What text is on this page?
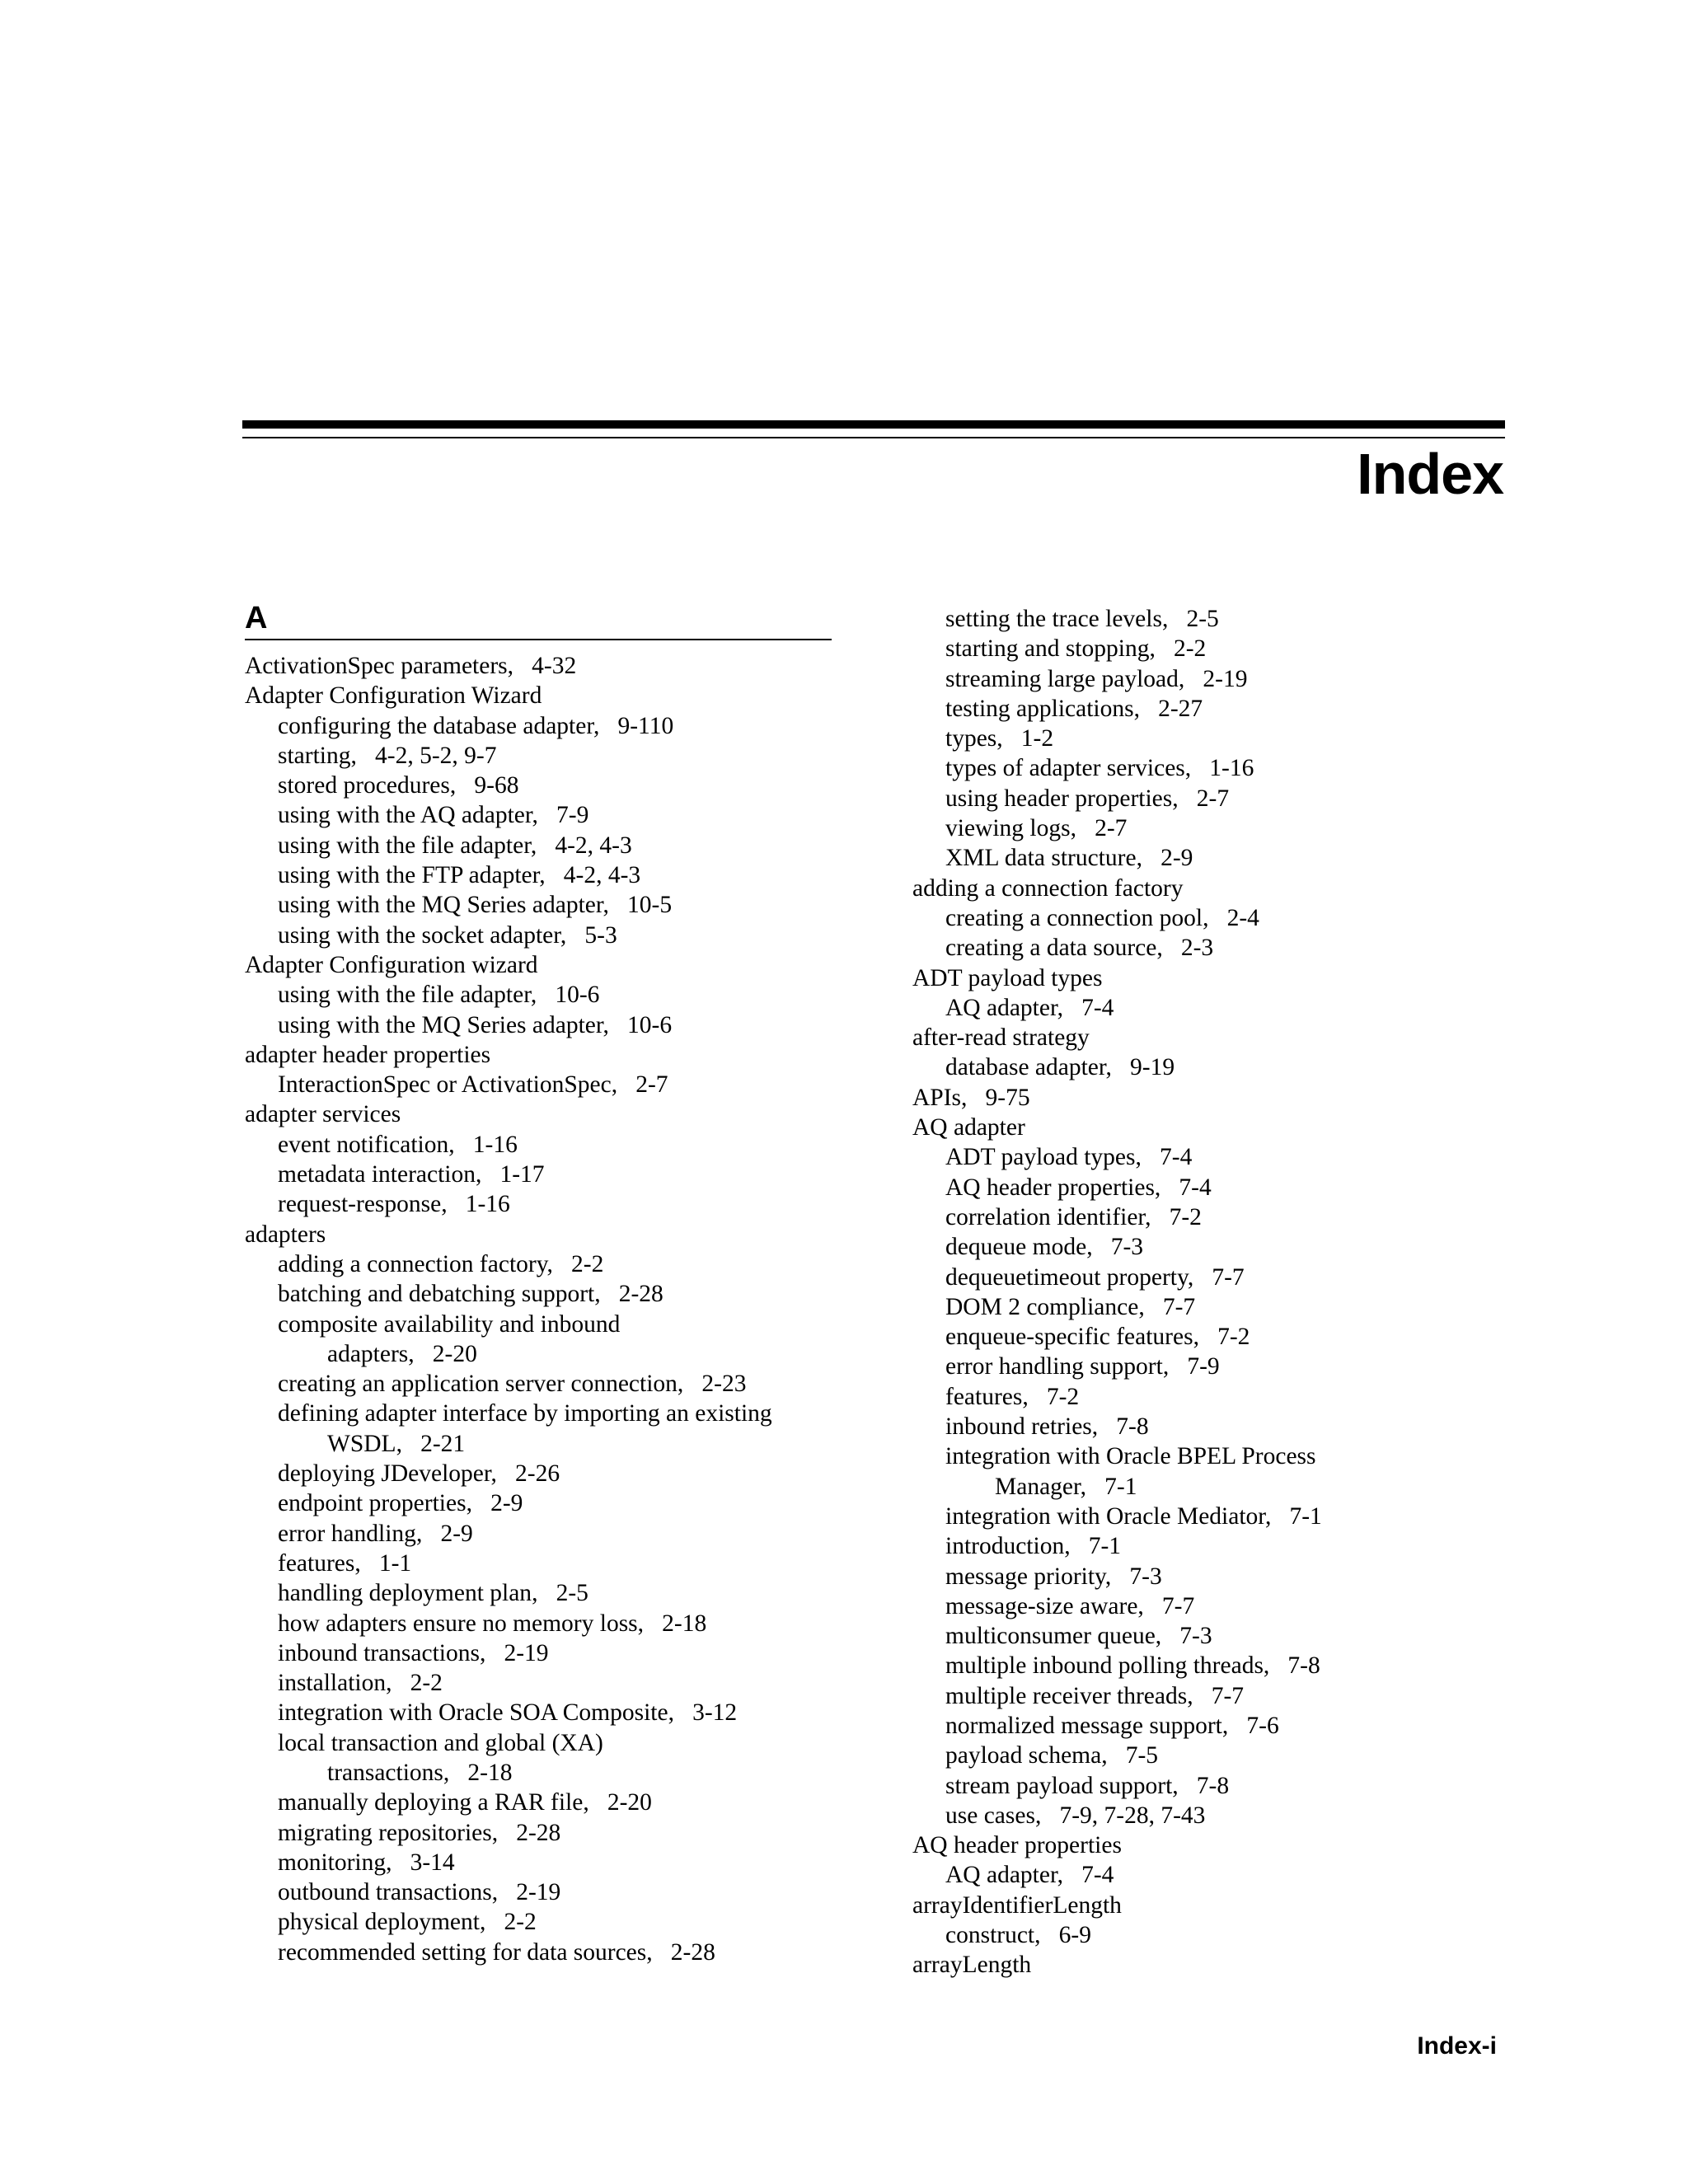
Index
A
ActivationSpec parameters ,   4-32
Adapter Configuration Wizard
configuring the database adapter ,   9-110
starting ,   4-2, 5-2, 9-7
stored procedures ,   9-68
using with the AQ adapter ,   7-9
using with the file adapter ,   4-2, 4-3
using with the FTP adapter ,   4-2, 4-3
using with the MQ Series adapter ,   10-5
using with the socket adapter ,   5-3
Adapter Configuration wizard
using with the file adapter ,   10-6
using with the MQ Series adapter ,   10-6
adapter header properties
InteractionSpec or ActivationSpec ,   2-7
adapter services
event notification ,   1-16
metadata interaction ,   1-17
request-response ,   1-16
adapters
adding a connection factory ,   2-2
batching and debatching support ,   2-28
composite availability and inbound
adapters ,   2-20
creating an application server connection ,   2-23
defining adapter interface by importing an existing
WSDL ,   2-21
deploying JDeveloper ,   2-26
endpoint properties ,   2-9
error handling ,   2-9
features ,   1-1
handling deployment plan ,   2-5
how adapters ensure no memory loss ,   2-18
inbound transactions ,   2-19
installation ,   2-2
integration with Oracle SOA Composite ,   3-12
local transaction and global (XA)
transactions ,   2-18
manually deploying a RAR file ,   2-20
migrating repositories ,   2-28
monitoring ,   3-14
outbound transactions ,   2-19
physical deployment ,   2-2
recommended setting for data sources ,   2-28
setting the trace levels ,   2-5
starting and stopping ,   2-2
streaming large payload ,   2-19
testing applications ,   2-27
types ,   1-2
types of adapter services ,   1-16
using header properties ,   2-7
viewing logs ,   2-7
XML data structure ,   2-9
adding a connection factory
creating a connection pool ,   2-4
creating a data source ,   2-3
ADT payload types
AQ adapter ,   7-4
after-read strategy
database adapter ,   9-19
APIs ,   9-75
AQ adapter
ADT payload types ,   7-4
AQ header properties ,   7-4
correlation identifier ,   7-2
dequeue mode ,   7-3
dequeuetimeout property ,   7-7
DOM 2 compliance ,   7-7
enqueue-specific features ,   7-2
error handling support ,   7-9
features ,   7-2
inbound retries ,   7-8
integration with Oracle BPEL Process
Manager ,   7-1
integration with Oracle Mediator ,   7-1
introduction ,   7-1
message priority ,   7-3
message-size aware ,   7-7
multiconsumer queue ,   7-3
multiple inbound polling threads ,   7-8
multiple receiver threads ,   7-7
normalized message support ,   7-6
payload schema ,   7-5
stream payload support ,   7-8
use cases ,   7-9, 7-28, 7-43
AQ header properties
AQ adapter ,   7-4
arrayIdentifierLength
construct ,   6-9
arrayLength
Index-i
